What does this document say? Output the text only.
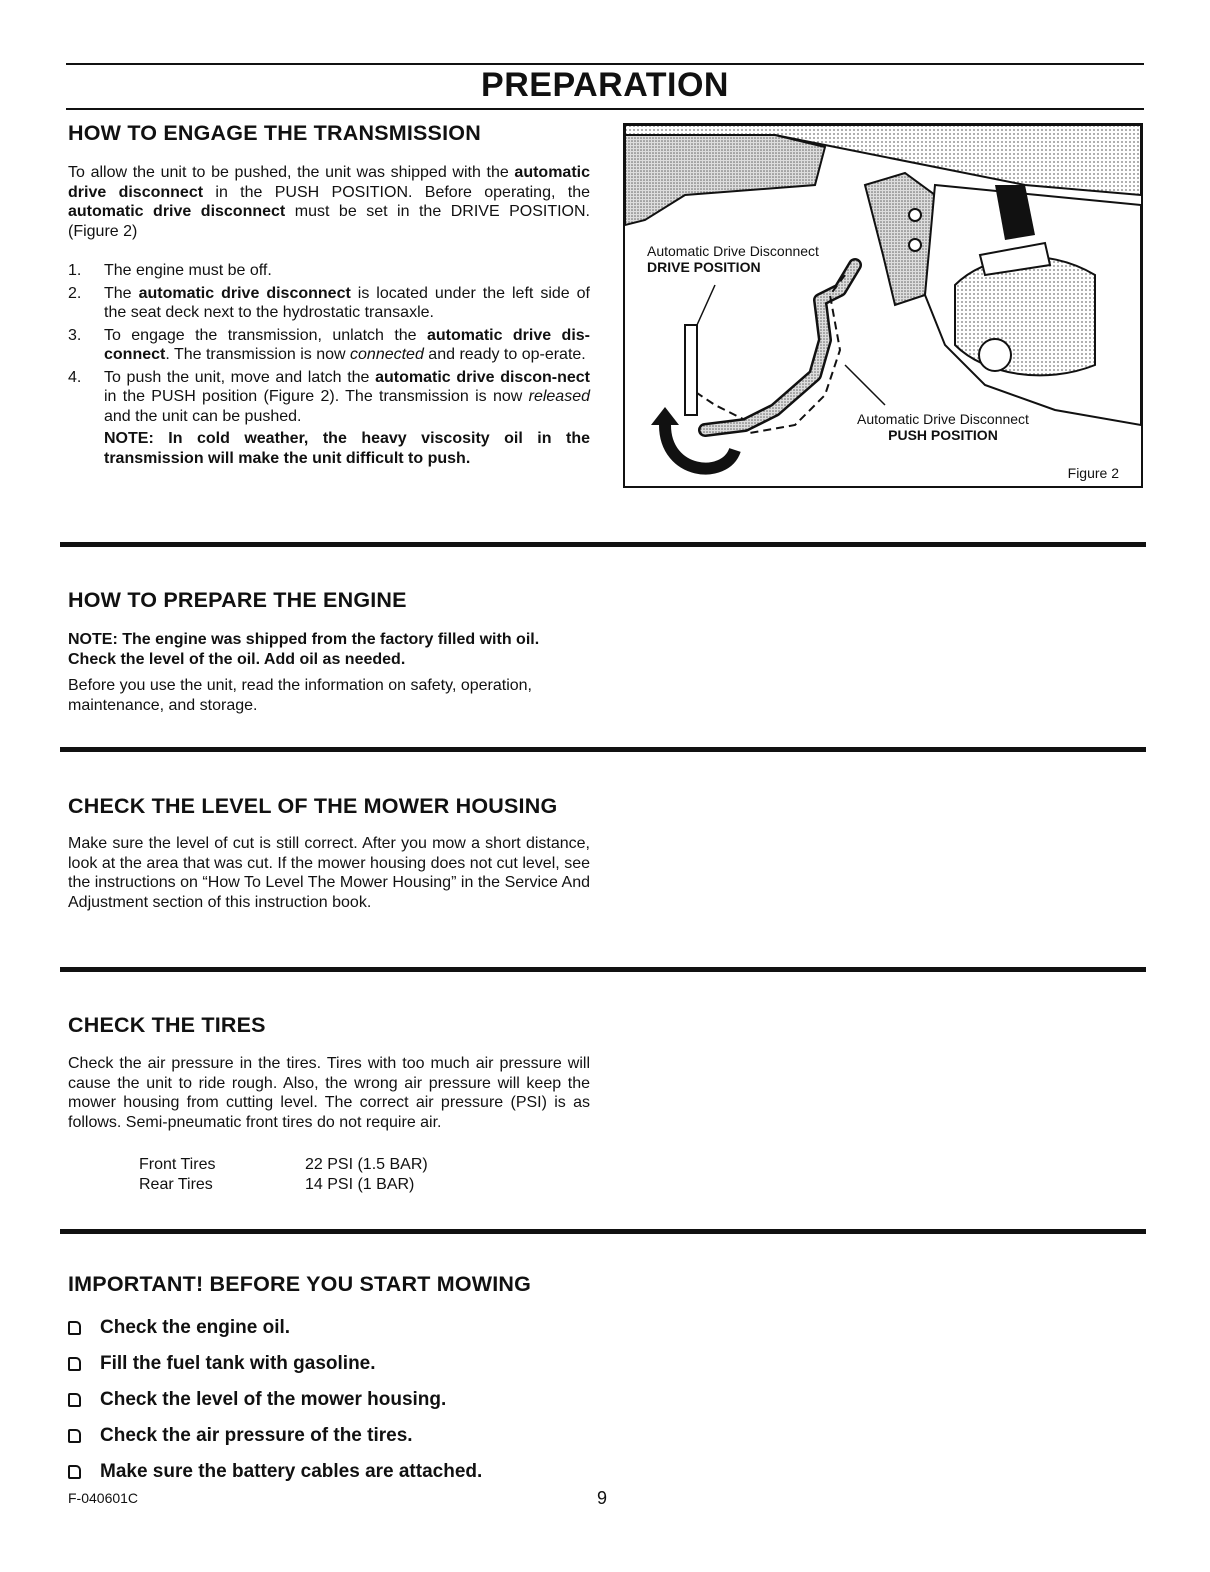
PREPARATION
HOW TO ENGAGE THE TRANSMISSION

To allow the unit to be pushed, the unit was shipped with the automatic drive disconnect in the PUSH POSITION. Before operating, the automatic drive disconnect must be set in the DRIVE POSITION. (Figure 2)

1. The engine must be off.
2. The automatic drive disconnect is located under the left side of the seat deck next to the hydrostatic transaxle.
3. To engage the transmission, unlatch the automatic drive dis-connect. The transmission is now connected and ready to op-erate.
4. To push the unit, move and latch the automatic drive discon-nect in the PUSH position (Figure 2). The transmission is now released and the unit can be pushed.
NOTE: In cold weather, the heavy viscosity oil in the transmission will make the unit difficult to push.
Automatic Drive Disconnect
DRIVE POSITION
Automatic Drive Disconnect
PUSH POSITION
Figure 2
HOW TO PREPARE THE ENGINE

NOTE: The engine was shipped from the factory filled with oil. Check the level of the oil. Add oil as needed.

Before you use the unit, read the information on safety, operation, maintenance, and storage.

CHECK THE LEVEL OF THE MOWER HOUSING

Make sure the level of cut is still correct. After you mow a short distance, look at the area that was cut. If the mower housing does not cut level, see the instructions on “How To Level The Mower Housing” in the Service And Adjustment section of this instruction book.

CHECK THE TIRES

Check the air pressure in the tires. Tires with too much air pressure will cause the unit to ride rough. Also, the wrong air pressure will keep the mower housing from cutting level. The correct air pressure (PSI) is as follows. Semi-pneumatic front tires do not require air.

Front Tires	22 PSI (1.5 BAR)
Rear Tires	14 PSI (1 BAR)
IMPORTANT! BEFORE YOU START MOWING
Check the engine oil.
Fill the fuel tank with gasoline.
Check the level of the mower housing.
Check the air pressure of the tires.
Make sure the battery cables are attached.
F-040601C	9
